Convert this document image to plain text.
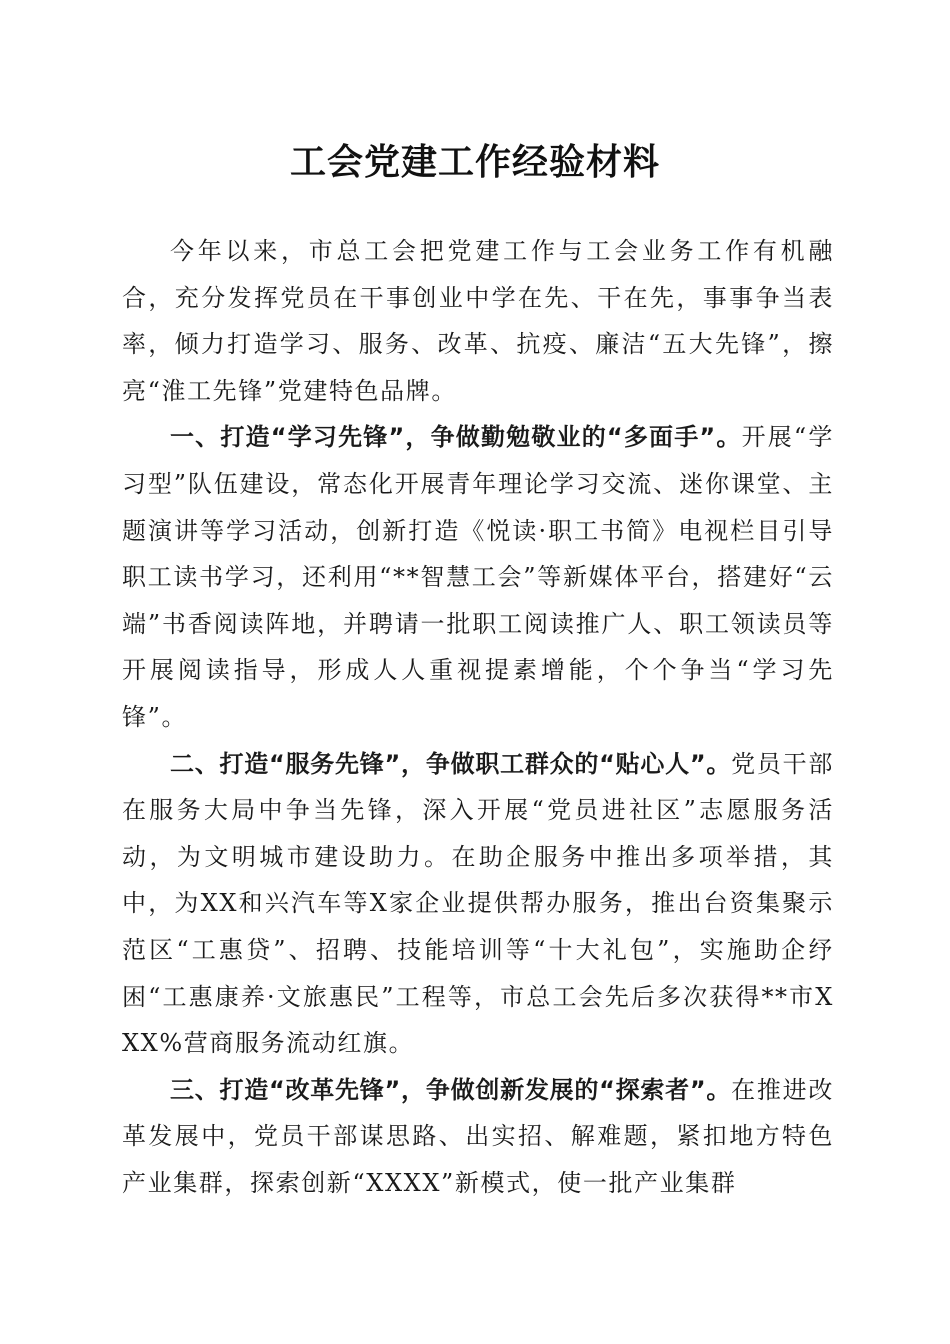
工会党建工作经验材料

今年以来，市总工会把党建工作与工会业务工作有机融合，充分发挥党员在干事创业中学在先、干在先，事事争当表率，倾力打造学习、服务、改革、抗疫、廉洁“五大先锋”，擦亮“淮工先锋”党建特色品牌。

一、打造“学习先锋”，争做勤勉敬业的“多面手”。开展“学习型”队伍建设，常态化开展青年理论学习交流、迷你课堂、主题演讲等学习活动，创新打造《悦读·职工书简》电视栏目引导职工读书学习，还利用“**智慧工会”等新媒体平台，搭建好“云端”书香阅读阵地，并聘请一批职工阅读推广人、职工领读员等开展阅读指导，形成人人重视提素增能，个个争当“学习先锋”。

二、打造“服务先锋”，争做职工群众的“贴心人”。党员干部在服务大局中争当先锋，深入开展“党员进社区”志愿服务活动，为文明城市建设助力。在助企服务中推出多项举措，其中，为XX和兴汽车等X家企业提供帮办服务，推出台资集聚示范区“工惠贷”、招聘、技能培训等“十大礼包”，实施助企纾困“工惠康养·文旅惠民”工程等，市总工会先后多次获得**市XXX%营商服务流动红旗。

三、打造“改革先锋”，争做创新发展的“探索者”。在推进改革发展中，党员干部谋思路、出实招、解难题，紧扣地方特色产业集群，探索创新“XXXX”新模式，使一批产业集群
